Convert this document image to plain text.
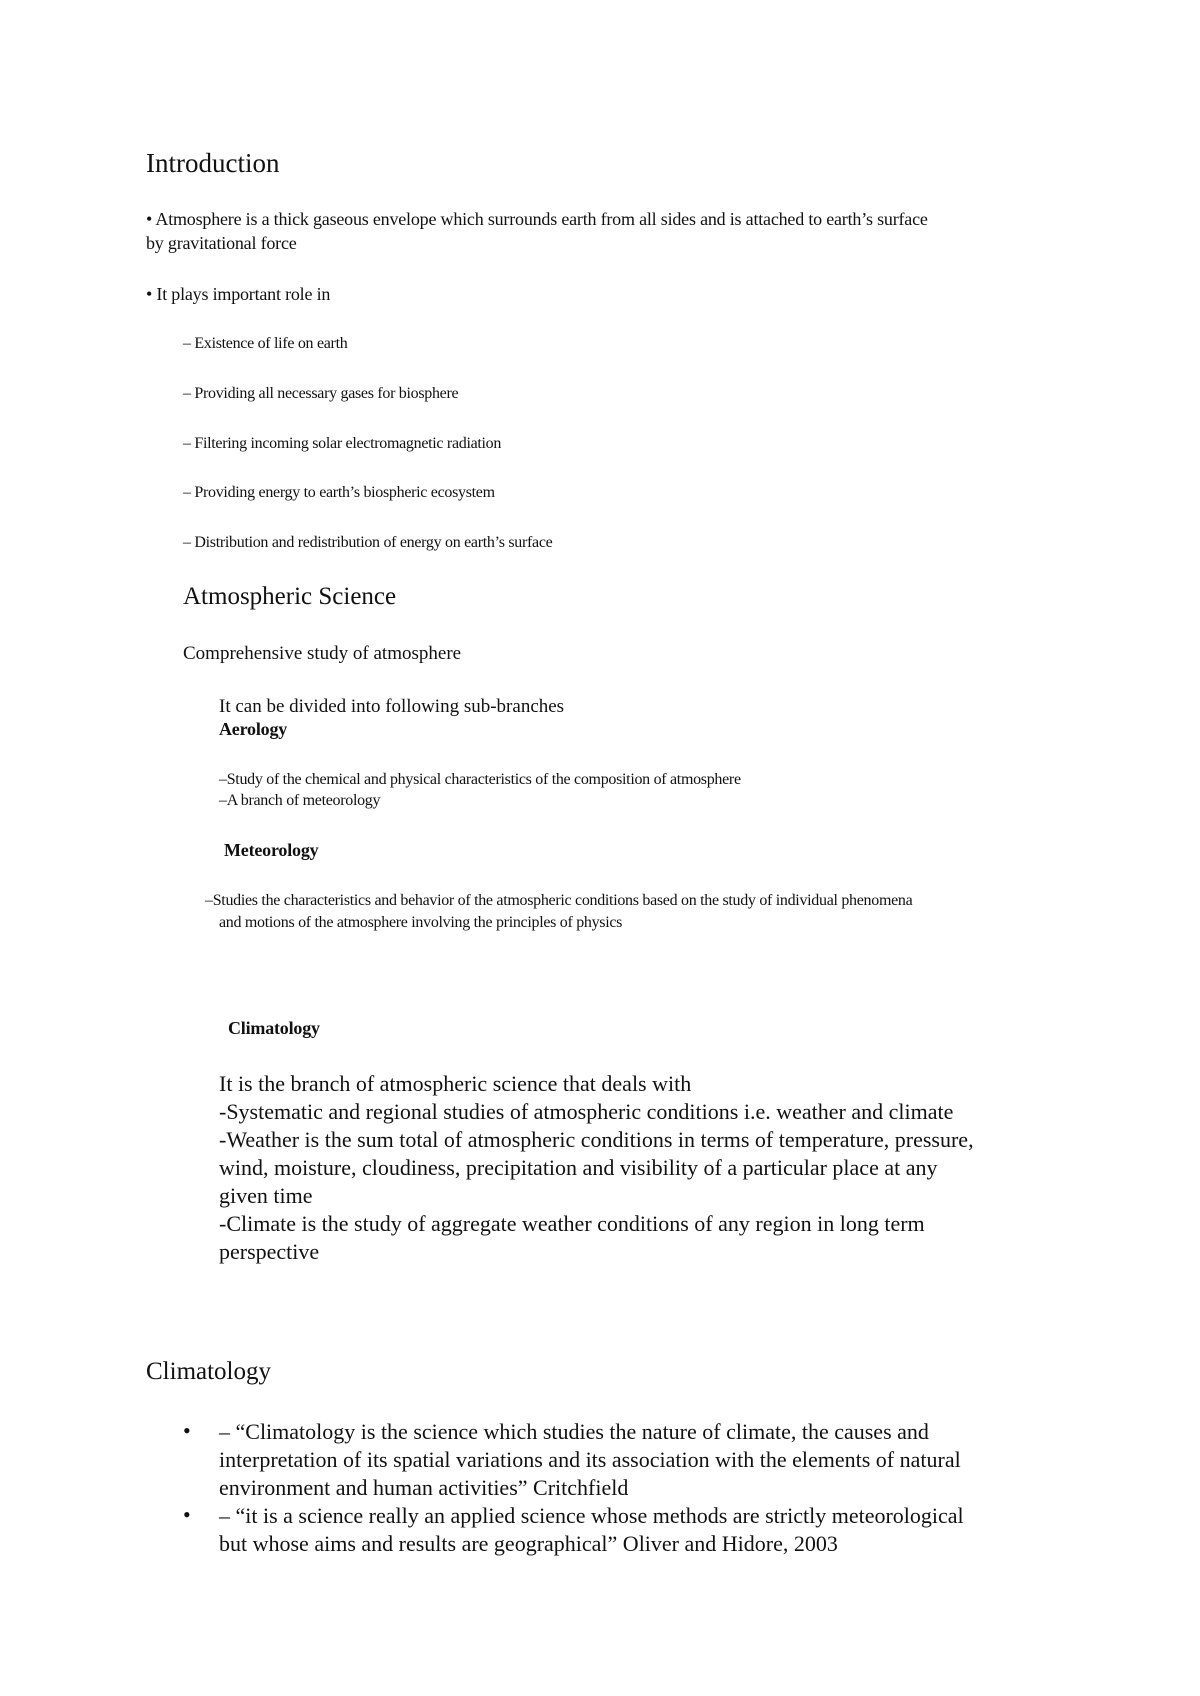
Introduction
• Atmosphere is a thick gaseous envelope which surrounds earth from all sides and is attached to earth’s surface
by gravitational force
• It plays important role in
– Existence of life on earth
– Providing all necessary gases for biosphere
– Filtering incoming solar electromagnetic radiation
– Providing energy to earth’s biospheric ecosystem
– Distribution and redistribution of energy on earth’s surface
Atmospheric Science
Comprehensive study of atmosphere
It can be divided into following sub-branches
Aerology
–Study of the chemical and physical characteristics of the composition of atmosphere
–A branch of meteorology
Meteorology
–Studies the characteristics and behavior of the atmospheric conditions based on the study of individual phenomena
and motions of the atmosphere involving the principles of physics
Climatology
It is the branch of atmospheric science that deals with
-Systematic and regional studies of atmospheric conditions i.e. weather and climate
-Weather is the sum total of atmospheric conditions in terms of temperature, pressure,
wind, moisture, cloudiness, precipitation and visibility of a particular place at any
given time
-Climate is the study of aggregate weather conditions of any region in long term
perspective
Climatology
• – “Climatology is the science which studies the nature of climate, the causes and
interpretation of its spatial variations and its association with the elements of natural
environment and human activities” Critchfield
• – “it is a science really an applied science whose methods are strictly meteorological
but whose aims and results are geographical” Oliver and Hidore, 2003
